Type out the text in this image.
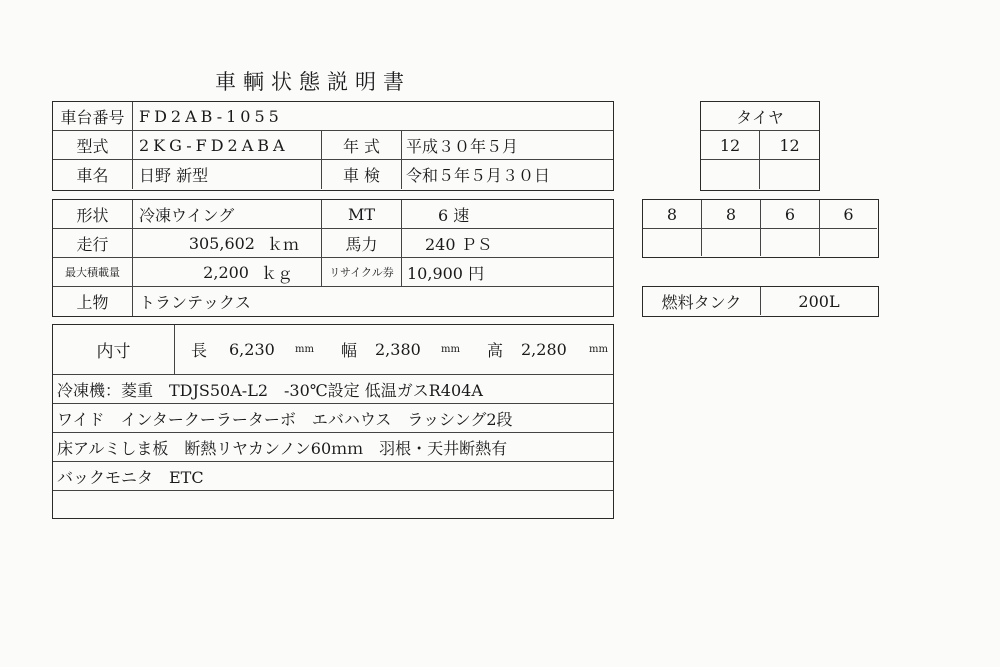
車輌状態説明書
車台番号 FD2AB-1055
型式	2KG-FD2ABA	年 式	平成３０年５月
車名	日野 新型	車 検	令和５年５月３０日
形状	冷凍ウイング	MT	6 速
走行	305,602 ｋｍ	馬力	240 ＰＳ
最大積載量	2,200 ｋｇ	リサイクル券 10,900 円
上物	トランテックス
内寸	長 6,230 mm 幅 2,380 mm 高 2,280 mm
冷凍機：菱重　TDJS50A-L2　-30℃設定 低温ガスR404A
ワイド　インタークーラーターボ　エバハウス　ラッシング2段
床アルミしま板　断熱リヤカンノン60ｍｍ　羽根・天井断熱有
バックモニタ　ETC
タイヤ
12	12
8	8	6	6
燃料タンク	200L
